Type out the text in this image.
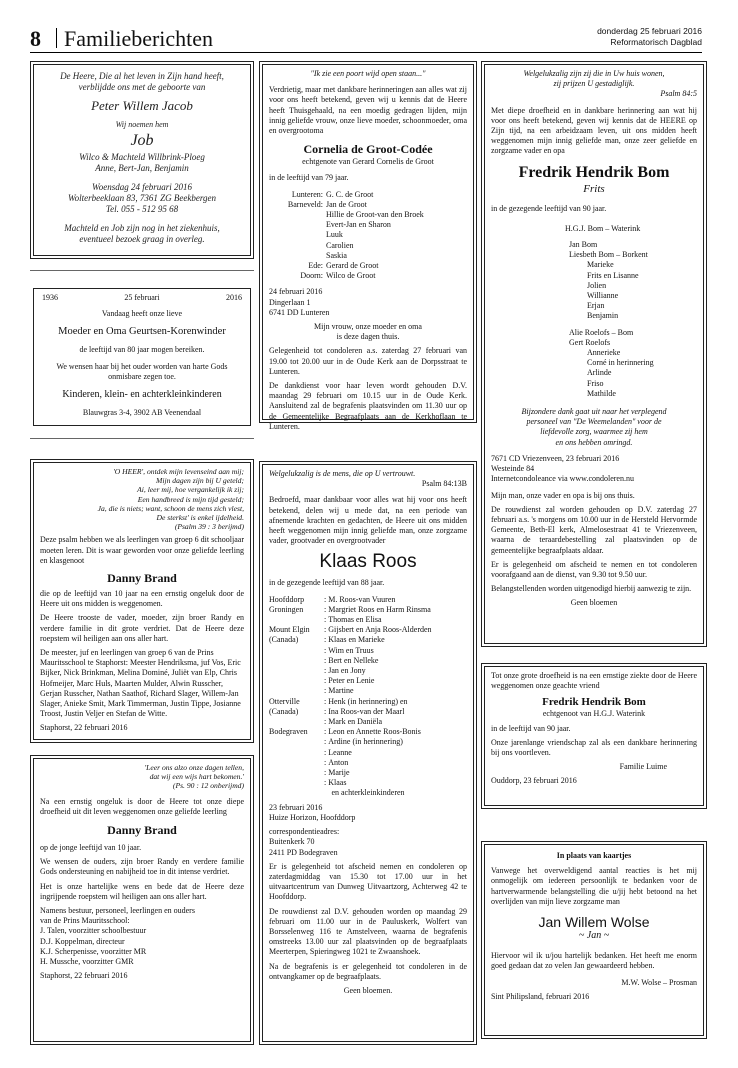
8 Familieberichten	donderdag 25 februari 2016
Reformatorisch Dagblad
De Heere, Die al het leven in Zijn hand heeft,
verblijdde ons met de geboorte van
Peter Willem Jacob
Wij noemen hem
Job
Wilco & Machteld Willbrink-Ploeg
Anne, Bert-Jan, Benjamin
Woensdag 24 februari 2016
Wolterbeeklaan 83, 7361 ZG Beekbergen
Tel. 055 - 512 95 68
Machteld en Job zijn nog in het ziekenhuis,
eventueel bezoek graag in overleg.
1936	25 februari	2016
Vandaag heeft onze lieve
Moeder en Oma Geurtsen-Korenwinder
de leeftijd van 80 jaar mogen bereiken.
We wensen haar bij het ouder worden van harte Gods onmisbare zegen toe.
Kinderen, klein- en achterkleinkinderen
Blauwgras 3-4, 3902 AB Veenendaal
'O HEER', ontdek mijn levenseind aan mij;
Mijn dagen zijn bij U geteld;
Ai, leer mij, hoe vergankelijk ik zij;
Een handbreed is mijn tijd gesteld;
Ja, die is niets; want, schoon de mens zich vlest,
De sterkst' is enkel ijdelheid.
(Psalm 39 : 3 berijmd)
Deze psalm hebben we als leerlingen van groep 6 dit schooljaar moeten leren. Dit is waar geworden voor onze geliefde leerling en klasgenoot
Danny Brand
die op de leeftijd van 10 jaar na een ernstig ongeluk door de Heere uit ons midden is weggenomen.
De Heere trooste de vader, moeder, zijn broer Randy en verdere familie in dit grote verdriet. Dat de Heere deze roepstem wil heiligen aan ons aller hart.
De meester, juf en leerlingen van groep 6 van de Prins Mauritsschool te Staphorst: Meester Hendriksma, juf Vos, Eric Bijker, Nick Brinkman, Melina Dominé, Juliët van Elp, Chris Hofmeijer, Marc Huls, Maarten Mulder, Alwin Russcher, Gerjan Russcher, Nathan Saathof, Richard Slager, Willem-Jan Slager, Anieke Smit, Mark Timmerman, Justin Tippe, Josianne Troost, Justin Veljer en Stefan de Witte.
Staphorst, 22 februari 2016
'Leer ons alzo onze dagen tellen,
dat wij een wijs hart bekomen.'
(Ps. 90 : 12 onberijmd)
Na een ernstig ongeluk is door de Heere tot onze diepe droefheid uit dit leven weggenomen onze geliefde leerling
Danny Brand
op de jonge leeftijd van 10 jaar.
We wensen de ouders, zijn broer Randy en verdere familie Gods ondersteuning en nabijheid toe in dit intense verdriet.
Het is onze hartelijke wens en bede dat de Heere deze ingrijpende roepstem wil heiligen aan ons aller hart.
Namens bestuur, personeel, leerlingen en ouders
van de Prins Mauritsschool:
J. Talen, voorzitter schoolbestuur
D.J. Koppelman, directeur
K.J. Scherpenisse, voorzitter MR
H. Mussche, voorzitter GMR
Staphorst, 22 februari 2016
"Ik zie een poort wijd open staan..."
Verdrietig, maar met dankbare herinneringen aan alles wat zij voor ons heeft betekend, geven wij u kennis dat de Heere heeft Thuisgehaald, na een moedig gedragen lijden, mijn innig geliefde vrouw, onze lieve moeder, schoonmoeder, oma en overgrootoma
Cornelia de Groot-Codée
echtgenote van Gerard Cornelis de Groot
in de leeftijd van 79 jaar.
Lunteren: G. C. de Groot
Barneveld: Jan de Groot
Hillie de Groot-van den Broek
Evert-Jan en Sharon
Luuk
Carolien
Saskia
Ede: Gerard de Groot
Doorn: Wilco de Groot
24 februari 2016
Dingerlaan 1
6741 DD Lunteren
Mijn vrouw, onze moeder en oma
is deze dagen thuis.
Gelegenheid tot condoleren a.s. zaterdag 27 februari van 19.00 tot 20.00 uur in de Oude Kerk aan de Dorpsstraat te Lunteren.
De dankdienst voor haar leven wordt gehouden D.V. maandag 29 februari om 10.15 uur in de Oude Kerk. Aansluitend zal de begrafenis plaatsvinden om 11.30 uur op de Gemeentelijke Begraafplaats aan de Kerkhoflaan te Lunteren.
Welgelukzalig is de mens, die op U vertrouwt.
Psalm 84:13B
Bedroefd, maar dankbaar voor alles wat hij voor ons heeft betekend, delen wij u mede dat, na een periode van afnemende krachten en gedachten, de Heere uit ons midden heeft weggenomen mijn innig geliefde man, onze zorgzame vader, grootvader en overgrootvader
Klaas Roos
in de gezegende leeftijd van 88 jaar.
Hoofddorp	: M. Roos-van Vuuren
Groningen	: Margriet Roos en Harm Rinsma
: Thomas en Elisa
Mount Elgin	: Gijsbert en Anja Roos-Alderden
(Canada)	: Klaas en Marieke
: Wim en Truus
: Bert en Nelleke
: Jan en Jony
: Peter en Lenie
: Martine
Otterville	: Henk (in herinnering) en
(Canada)	: Ina Roos-van der Maarl
: Mark en Daniëla
Bodegraven	: Leon en Annette Roos-Bonis
: Ardine (in herinnering)
: Leanne
: Anton
: Marije
: Klaas
en achterkleinkinderen
23 februari 2016
Huize Horizon, Hoofddorp
correspondentieadres:
Buitenkerk 70
2411 PD Bodegraven
Er is gelegenheid tot afscheid nemen en condoleren op zaterdagmiddag van 15.30 tot 17.00 uur in het uitvaartcentrum van Dunweg Uitvaartzorg, Achterweg 42 te Hoofddorp.
De rouwdienst zal D.V. gehouden worden op maandag 29 februari om 11.00 uur in de Pauluskerk, Wolfert van Borsselenweg 116 te Amstelveen, waarna de begrafenis omstreeks 13.00 uur zal plaatsvinden op de begraafplaats Meerterpen, Spieringweg 1021 te Zwaanshoek.
Na de begrafenis is er gelegenheid tot condoleren in de ontvangkamer op de begraafplaats.
Geen bloemen.
Welgelukzalig zijn zij die in Uw huis wonen,
zij prijzen U gestadiglijk.
Psalm 84:5
Met diepe droefheid en in dankbare herinnering aan wat hij voor ons heeft betekend, geven wij kennis dat de HEERE op Zijn tijd, na een arbeidzaam leven, uit ons midden heeft weggenomen mijn innig geliefde man, onze zeer geliefde en zorgzame vader en opa
Fredrik Hendrik Bom
Frits
in de gezegende leeftijd van 90 jaar.
H.G.J. Bom – Waterink
Jan Bom
Liesbeth Bom – Borkent
Marieke
Frits en Lisanne
Jolien
Willianne
Erjan
Benjamin
Alie Roelofs – Bom
Gert Roelofs
Annerieke
Corné in herinnering
Arlinde
Friso
Mathilde
Bijzondere dank gaat uit naar het verplegend
personeel van "De Weemelanden" voor de
liefdevolle zorg, waarmee zij hem
en ons hebben omringd.
7671 CD Vriezenveen, 23 februari 2016
Westeinde 84
Internetcondoleance via www.condoleren.nu
Mijn man, onze vader en opa is bij ons thuis.
De rouwdienst zal worden gehouden op D.V. zaterdag 27 februari a.s. 's morgens om 10.00 uur in de Hersteld Hervormde Gemeente, Beth-El kerk, Almelosestraat 41 te Vriezenveen, waarna de teraardebestelling zal plaatsvinden op de gemeentelijke begraafplaats aldaar.
Er is gelegenheid om afscheid te nemen en tot condoleren voorafgaand aan de dienst, van 9.30 tot 9.50 uur.
Belangstellenden worden uitgenodigd hierbij aanwezig te zijn.
Geen bloemen
Tot onze grote droefheid is na een ernstige ziekte door de Heere weggenomen onze geachte vriend
Fredrik Hendrik Bom
echtgenoot van H.G.J. Waterink
in de leeftijd van 90 jaar.
Onze jarenlange vriendschap zal als een dankbare herinnering bij ons voortleven.
Familie Luime
Ouddorp, 23 februari 2016
In plaats van kaartjes
Vanwege het overweldigend aantal reacties is het mij onmogelijk om iedereen persoonlijk te bedanken voor de hartverwarmende belangstelling die u/jij hebt betoond na het overlijden van mijn lieve zorgzame man
Jan Willem Wolse
~ Jan ~
Hiervoor wil ik u/jou hartelijk bedanken. Het heeft me enorm goed gedaan dat zo velen Jan gewaardeerd hebben.
M.W. Wolse – Prosman
Sint Philipsland, februari 2016
